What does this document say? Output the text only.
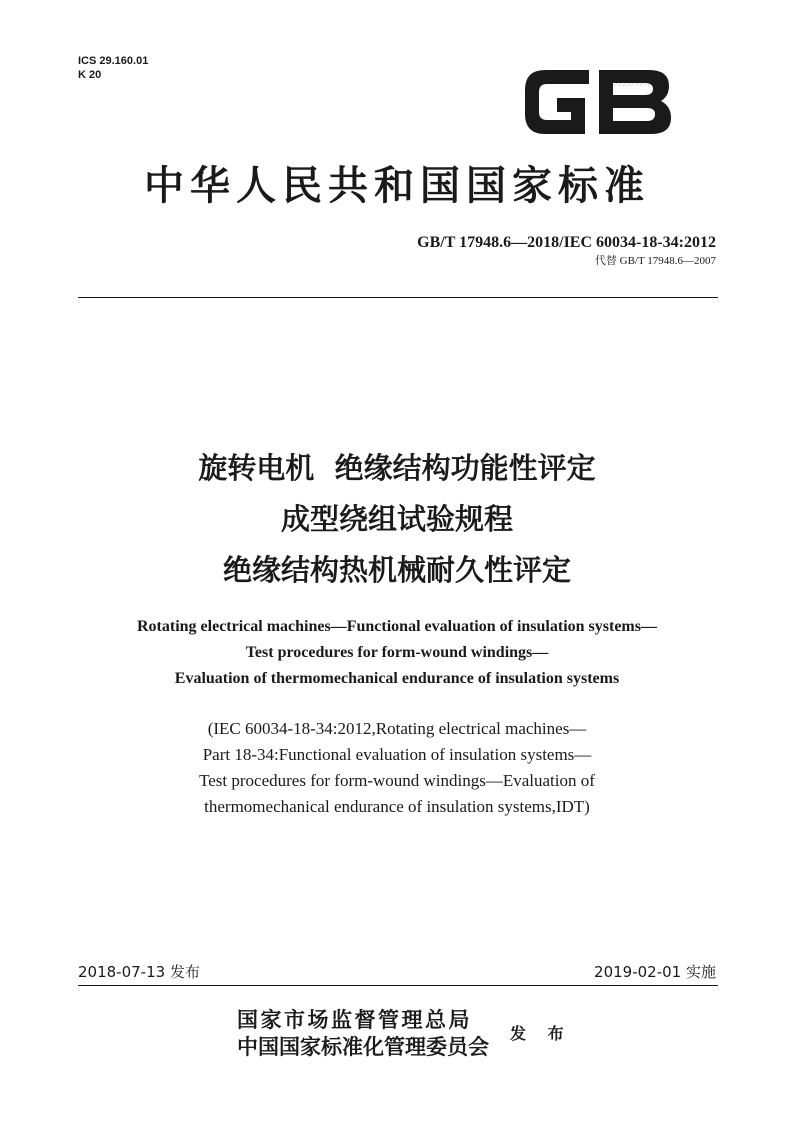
ICS 29.160.01
K 20
中华人民共和国国家标准
GB/T 17948.6—2018/IEC 60034-18-34:2012
代替 GB/T 17948.6—2007
旋转电机  绝缘结构功能性评定
成型绕组试验规程
绝缘结构热机械耐久性评定
Rotating electrical machines—Functional evaluation of insulation systems—
Test procedures for form-wound windings—
Evaluation of thermomechanical endurance of insulation systems
(IEC 60034-18-34:2012,Rotating electrical machines—
Part 18-34:Functional evaluation of insulation systems—
Test procedures for form-wound windings—Evaluation of
thermomechanical endurance of insulation systems,IDT)
2018-07-13 发布	2019-02-01 实施
国家市场监督管理总局
中国国家标准化管理委员会
发 布
